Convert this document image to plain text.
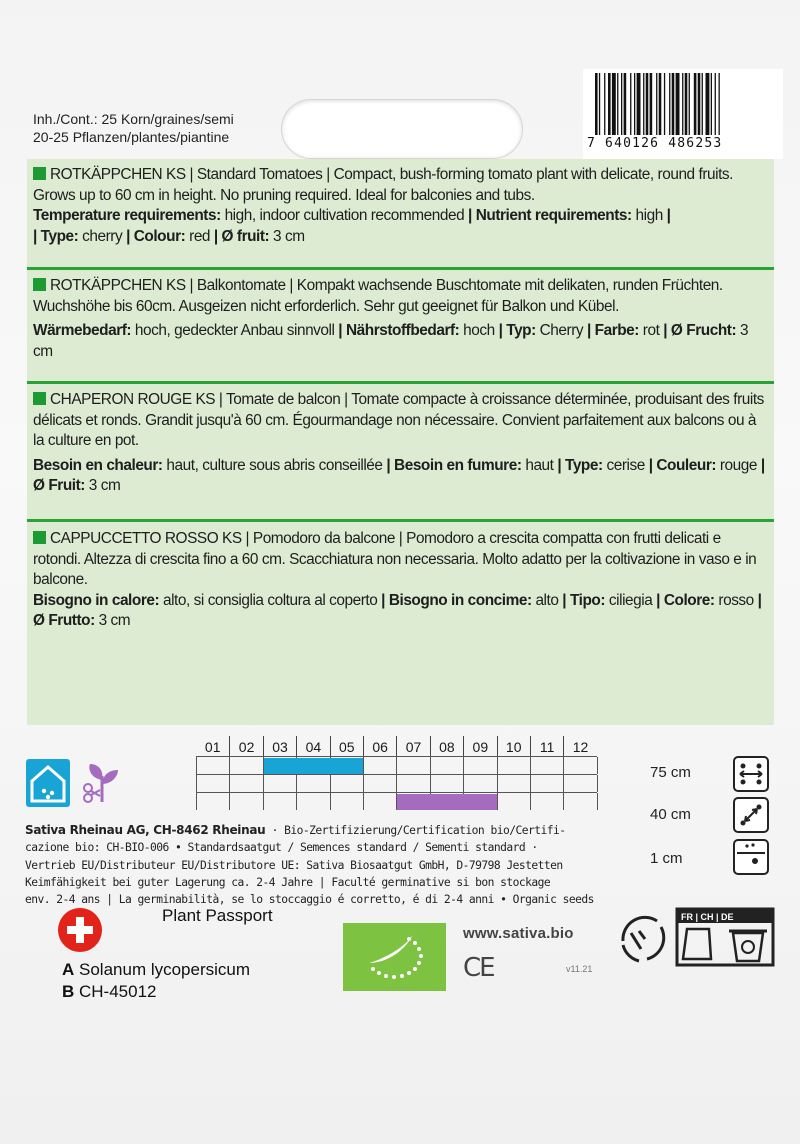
Inh./Cont.: 25 Korn/graines/semi
20-25 Pflanzen/plantes/piantine	7 640126 486253
ROTKÄPPCHEN KS | Standard Tomatoes | Compact, bush-forming tomato plant with delicate, round fruits. Grows up to 60 cm in height. No pruning required. Ideal for balconies and tubs.
Temperature requirements: high, indoor cultivation recommended | Nutrient requirements: high |
| Type: cherry | Colour: red | Ø fruit: 3 cm
ROTKÄPPCHEN KS | Balkontomate | Kompakt wachsende Buschtomate mit delikaten, runden Früchten. Wuchshöhe bis 60cm. Ausgeizen nicht erforderlich. Sehr gut geeignet für Balkon und Kübel.

Wärmebedarf: hoch, gedeckter Anbau sinnvoll | Nährstoffbedarf: hoch | Typ: Cherry | Farbe: rot | Ø Frucht: 3 cm
CHAPERON ROUGE KS | Tomate de balcon | Tomate compacte à croissance déterminée, produisant des fruits délicats et ronds. Grandit jusqu'à 60 cm. Égourmandage non nécessaire. Convient parfaitement aux balcons ou à la culture en pot.

Besoin en chaleur: haut, culture sous abris conseillée | Besoin en fumure: haut | Type: cerise | Couleur: rouge | Ø Fruit: 3 cm
CAPPUCCETTO ROSSO KS | Pomodoro da balcone | Pomodoro a crescita compatta con frutti delicati e rotondi. Altezza di crescita fino a 60 cm. Scacchiatura non necessaria. Molto adatto per la coltivazione in vaso e in balcone.
Bisogno in calore: alto, si consiglia coltura al coperto | Bisogno in concime: alto | Tipo: ciliegia | Colore: rosso | Ø Frutto: 3 cm
01	02	03	04	05	06	07	08	09	10	11	12
75 cm
40 cm
1 cm
Sativa Rheinau AG, CH-8462 Rheinau · Bio-Zertifizierung/Certification bio/Certifi-
cazione bio: CH-BIO-006 • Standardsaatgut / Semences standard / Sementi standard ·
Vertrieb EU/Distributeur EU/Distributore UE: Sativa Biosaatgut GmbH, D-79798 Jestetten
Keimfähigkeit bei guter Lagerung ca. 2-4 Jahre | Faculté germinative si bon stockage
env. 2-4 ans | La germinabilità, se lo stoccaggio é corretto, é di 2-4 anni • Organic seeds
Plant Passport
A Solanum lycopersicum
B CH-45012
www.sativa.bio
CE	v11.21
FR | CH | DE
